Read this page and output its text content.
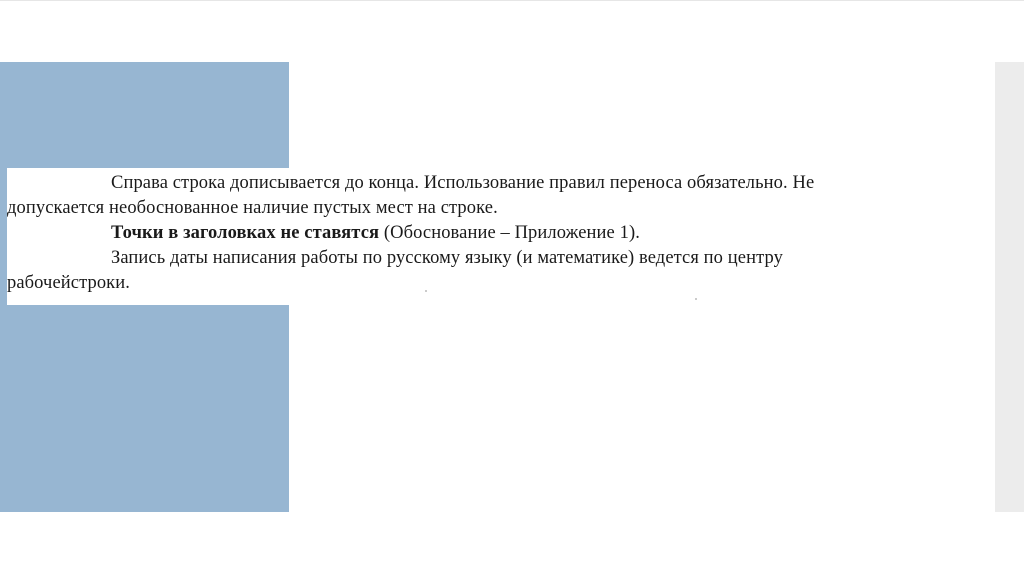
Справа строка дописывается до конца. Использование правил переноса обязательно. Не

допускается необоснованное наличие пустых мест на строке.

Точки в заголовках не ставятся (Обоснование – Приложение 1).

Запись даты написания работы по русскому языку (и математике) ведется по центру

рабочейстроки.
